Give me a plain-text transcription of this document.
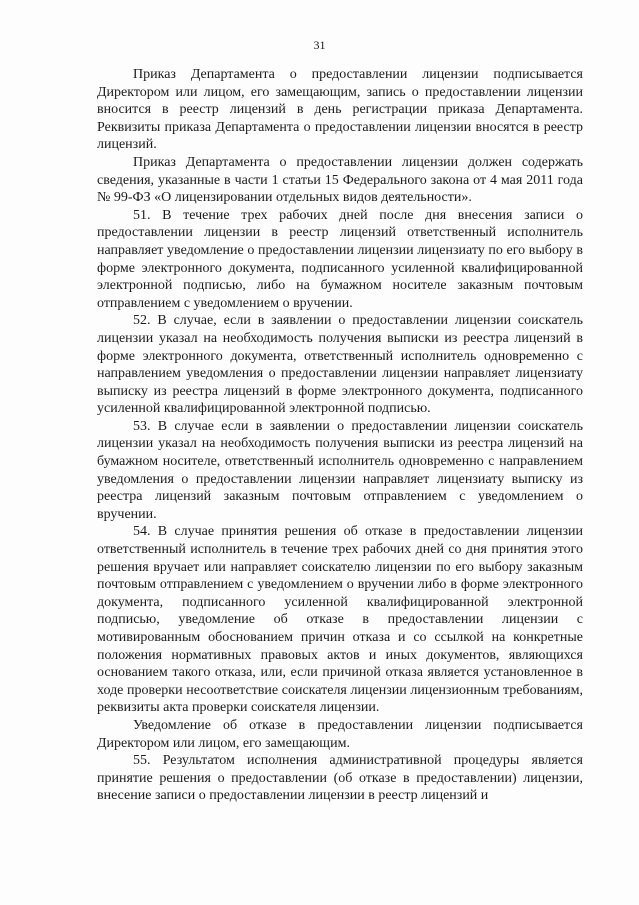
31

Приказ Департамента о предоставлении лицензии подписывается Директором или лицом, его замещающим, запись о предоставлении лицензии вносится в реестр лицензий в день регистрации приказа Департамента. Реквизиты приказа Департамента о предоставлении лицензии вносятся в реестр лицензий.

Приказ Департамента о предоставлении лицензии должен содержать сведения, указанные в части 1 статьи 15 Федерального закона от 4 мая 2011 года № 99-ФЗ «О лицензировании отдельных видов деятельности».

51. В течение трех рабочих дней после дня внесения записи о предоставлении лицензии в реестр лицензий ответственный исполнитель направляет уведомление о предоставлении лицензии лицензиату по его выбору в форме электронного документа, подписанного усиленной квалифицированной электронной подписью, либо на бумажном носителе заказным почтовым отправлением с уведомлением о вручении.

52. В случае, если в заявлении о предоставлении лицензии соискатель лицензии указал на необходимость получения выписки из реестра лицензий в форме электронного документа, ответственный исполнитель одновременно с направлением уведомления о предоставлении лицензии направляет лицензиату выписку из реестра лицензий в форме электронного документа, подписанного усиленной квалифицированной электронной подписью.

53. В случае если в заявлении о предоставлении лицензии соискатель лицензии указал на необходимость получения выписки из реестра лицензий на бумажном носителе, ответственный исполнитель одновременно с направлением уведомления о предоставлении лицензии направляет лицензиату выписку из реестра лицензий заказным почтовым отправлением с уведомлением о вручении.

54. В случае принятия решения об отказе в предоставлении лицензии ответственный исполнитель в течение трех рабочих дней со дня принятия этого решения вручает или направляет соискателю лицензии по его выбору заказным почтовым отправлением с уведомлением о вручении либо в форме электронного документа, подписанного усиленной квалифицированной электронной подписью, уведомление об отказе в предоставлении лицензии с мотивированным обоснованием причин отказа и со ссылкой на конкретные положения нормативных правовых актов и иных документов, являющихся основанием такого отказа, или, если причиной отказа является установленное в ходе проверки несоответствие соискателя лицензии лицензионным требованиям, реквизиты акта проверки соискателя лицензии.

Уведомление об отказе в предоставлении лицензии подписывается Директором или лицом, его замещающим.

55. Результатом исполнения административной процедуры является принятие решения о предоставлении (об отказе в предоставлении) лицензии, внесение записи о предоставлении лицензии в реестр лицензий и
